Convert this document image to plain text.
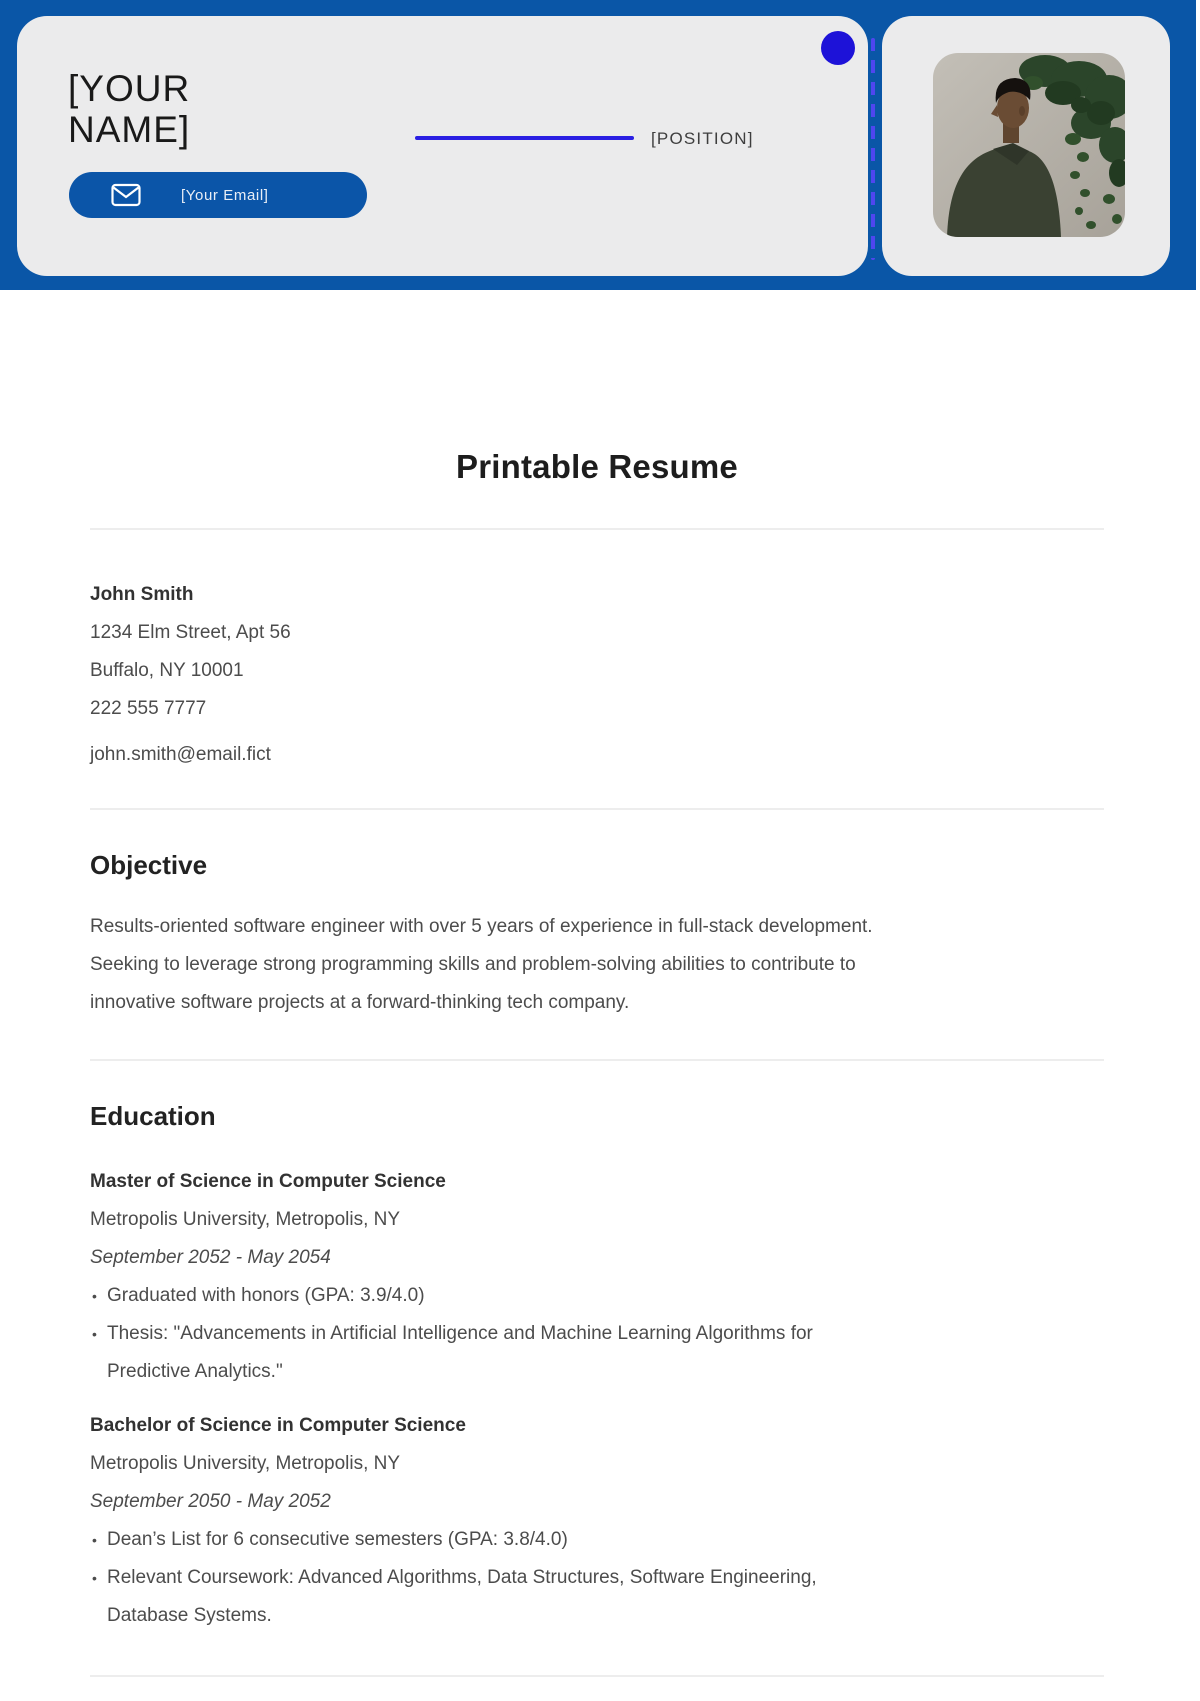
[YOUR
NAME]	[POSITION]
[Your Email]
Printable Resume

John Smith

1234 Elm Street, Apt 56

Buffalo, NY 10001

222 555 7777

john.smith@email.fict

Objective

Results-oriented software engineer with over 5 years of experience in full-stack development.

Seeking to leverage strong programming skills and problem-solving abilities to contribute to

innovative software projects at a forward-thinking tech company.

Education
Master of Science in Computer Science

Metropolis University, Metropolis, NY

September 2052 - May 2054

• Graduated with honors (GPA: 3.9/4.0)
• Thesis: "Advancements in Artificial Intelligence and Machine Learning Algorithms for
Predictive Analytics."
Bachelor of Science in Computer Science

Metropolis University, Metropolis, NY

September 2050 - May 2052

• Dean’s List for 6 consecutive semesters (GPA: 3.8/4.0)
• Relevant Coursework: Advanced Algorithms, Data Structures, Software Engineering,
Database Systems.
